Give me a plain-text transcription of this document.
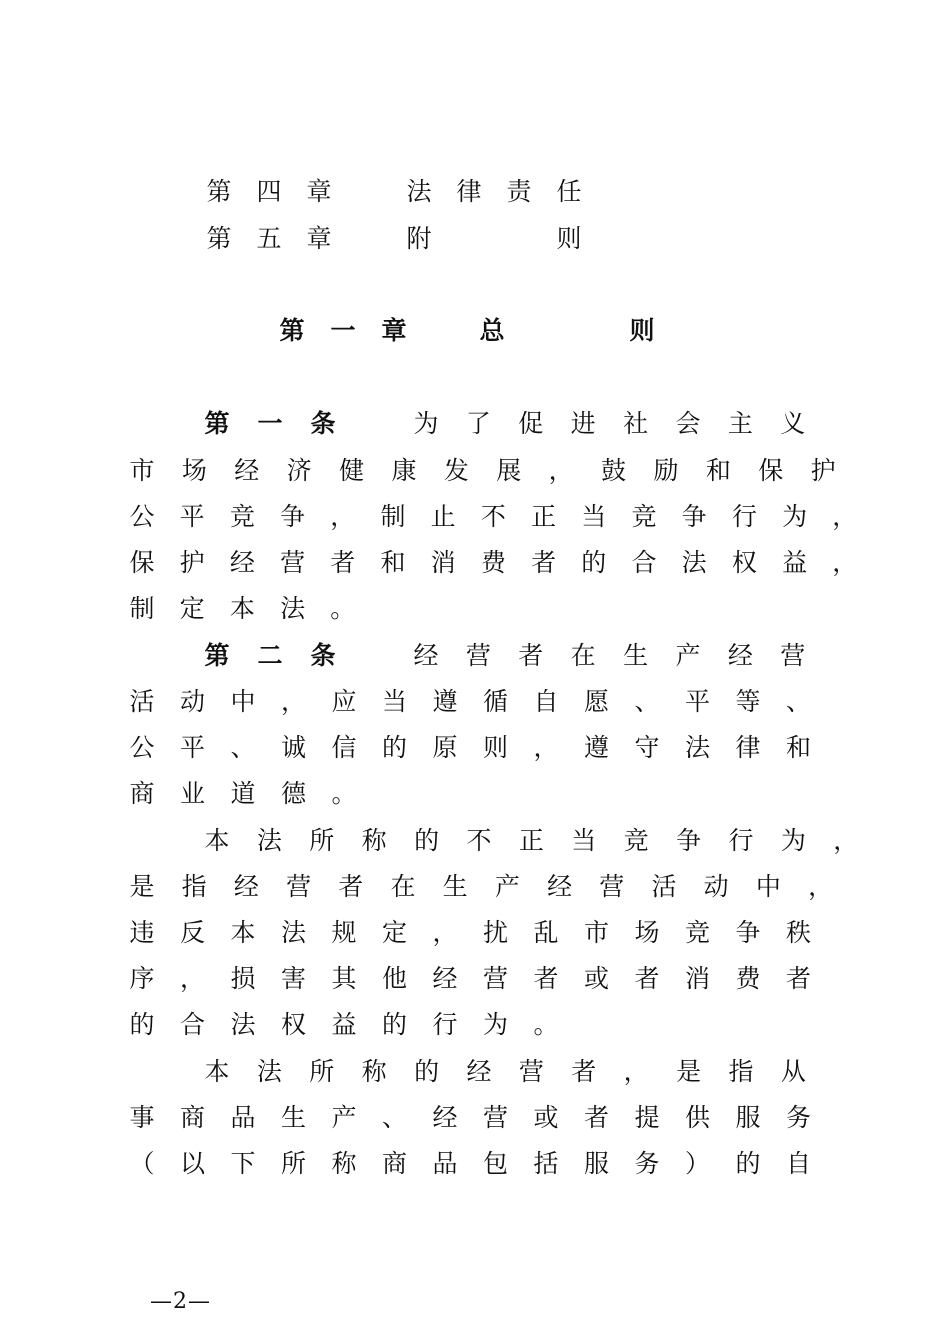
第 四 章	法 律 责 任
第 五 章	附	则
第 一 章	总	则
第 一 条	为 了 促 进 社 会 主 义
市 场 经 济 健 康 发 展 ， 鼓 励 和 保 护
公 平 竞 争 ， 制 止 不 正 当 竞 争 行 为 ，
保 护 经 营 者 和 消 费 者 的 合 法 权 益 ，
制 定 本 法 。
第 二 条	经 营 者 在 生 产 经 营
活 动 中 ， 应 当 遵 循 自 愿 、 平 等 、
公 平 、 诚 信 的 原 则 ， 遵 守 法 律 和
商 业 道 德 。
本 法 所 称 的 不 正 当 竞 争 行 为 ，
是 指 经 营 者 在 生 产 经 营 活 动 中 ，
违 反 本 法 规 定 ， 扰 乱 市 场 竞 争 秩
序 ， 损 害 其 他 经 营 者 或 者 消 费 者
的 合 法 权 益 的 行 为 。
本 法 所 称 的 经 营 者 ， 是 指 从
事 商 品 生 产 、 经 营 或 者 提 供 服 务
（ 以 下 所 称 商 品 包 括 服 务 ） 的 自
—2—
